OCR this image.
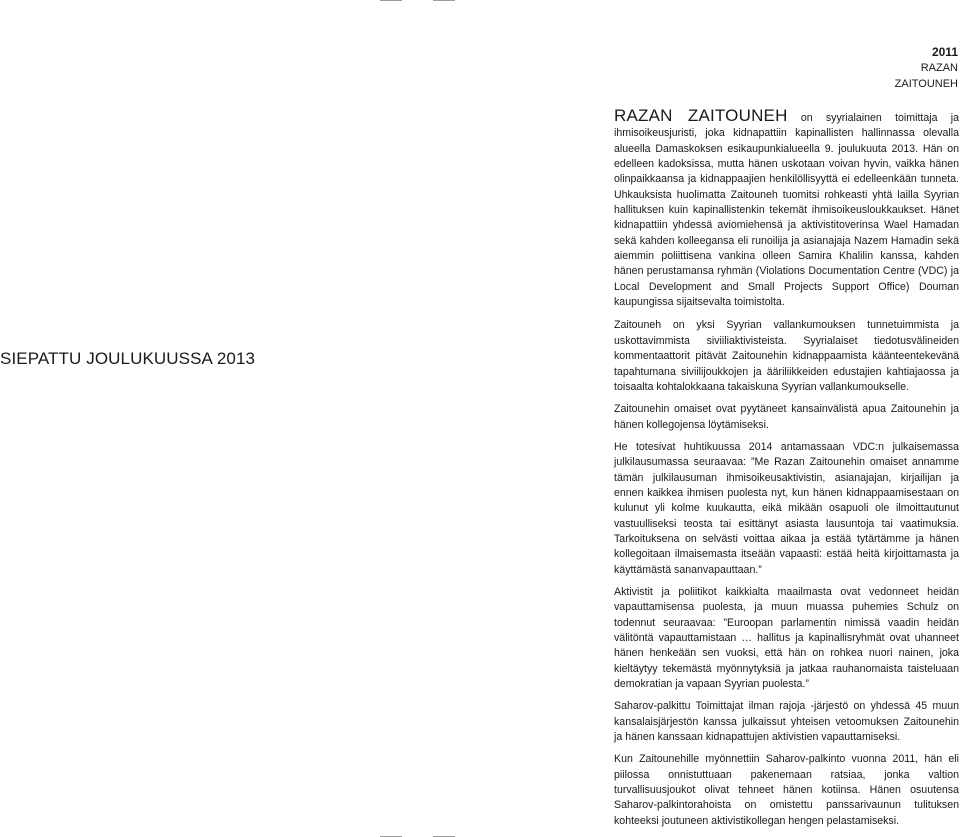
2011
RAZAN
ZAITOUNEH
SIEPATTU JOULUKUUSSA 2013

RAZAN ZAITOUNEH on syyrialainen toimittaja ja ihmisoikeusjuristi, joka kidnapattiin kapinallisten hallinnassa olevalla alueella Damaskoksen esikaupunkialueella 9. joulukuuta 2013. Hän on edelleen kadoksissa, mutta hänen uskotaan voivan hyvin, vaikka hänen olinpaikkaansa ja kidnappaajien henkilöllisyyttä ei edelleenkään tunneta. Uhkauksista huolimatta Zaitouneh tuomitsi rohkeasti yhtä lailla Syyrian hallituksen kuin kapinallistenkin tekemät ihmisoikeusloukkaukset. Hänet kidnapattiin yhdessä aviomiehensä ja aktivistitoverinsa Wael Hamadan sekä kahden kolleegansa eli runoilija ja asianajaja Nazem Hamadin sekä aiemmin poliittisena vankina olleen Samira Khalilin kanssa, kahden hänen perustamansa ryhmän (Violations Documentation Centre (VDC) ja Local Development and Small Projects Support Office) Douman kaupungissa sijaitsevalta toimistolta.

Zaitouneh on yksi Syyrian vallankumouksen tunnetuimmista ja uskottavimmista siviiliaktivisteista. Syyrialaiset tiedotusvälineiden kommentaattorit pitävät Zaitounehin kidnappaamista käänteentekevänä tapahtumana siviilijoukkojen ja ääriliikkeiden edustajien kahtiajaossa ja toisaalta kohtalokkaana takaiskuna Syyrian vallankumoukselle.

Zaitounehin omaiset ovat pyytäneet kansainvälistä apua Zaitounehin ja hänen kollegojensa löytämiseksi.

He totesivat huhtikuussa 2014 antamassaan VDC:n julkaisemassa julkilausumassa seuraavaa: ”Me Razan Zaitounehin omaiset annamme tämän julkilausuman ihmisoikeusaktivistin, asianajajan, kirjailijan ja ennen kaikkea ihmisen puolesta nyt, kun hänen kidnappaamisestaan on kulunut yli kolme kuukautta, eikä mikään osapuoli ole ilmoittautunut vastuulliseksi teosta tai esittänyt asiasta lausuntoja tai vaatimuksia. Tarkoituksena on selvästi voittaa aikaa ja estää tytärtämme ja hänen kollegoitaan ilmaisemasta itseään vapaasti: estää heitä kirjoittamasta ja käyttämästä sananvapauttaan.”

Aktivistit ja poliitikot kaikkialta maailmasta ovat vedonneet heidän vapauttamisensa puolesta, ja muun muassa puhemies Schulz on todennut seuraavaa: ”Euroopan parlamentin nimissä vaadin heidän välitöntä vapauttamistaan … hallitus ja kapinallisryhmät ovat uhanneet hänen henkeään sen vuoksi, että hän on rohkea nuori nainen, joka kieltäytyy tekemästä myönnytyksiä ja jatkaa rauhanomaista taisteluaan demokratian ja vapaan Syyrian puolesta.”

Saharov-palkittu Toimittajat ilman rajoja -järjestö on yhdessä 45 muun kansalaisjärjestön kanssa julkaissut yhteisen vetoomuksen Zaitounehin ja hänen kanssaan kidnapattujen aktivistien vapauttamiseksi.

Kun Zaitounehille myönnettiin Saharov-palkinto vuonna 2011, hän eli piilossa onnistuttuaan pakenemaan ratsiaa, jonka valtion turvallisuusjoukot olivat tehneet hänen kotiinsa. Hänen osuutensa Saharov-palkintorahoista on omistettu panssarivaunun tulituksen kohteeksi joutuneen aktivistikollegan hengen pelastamiseksi.
